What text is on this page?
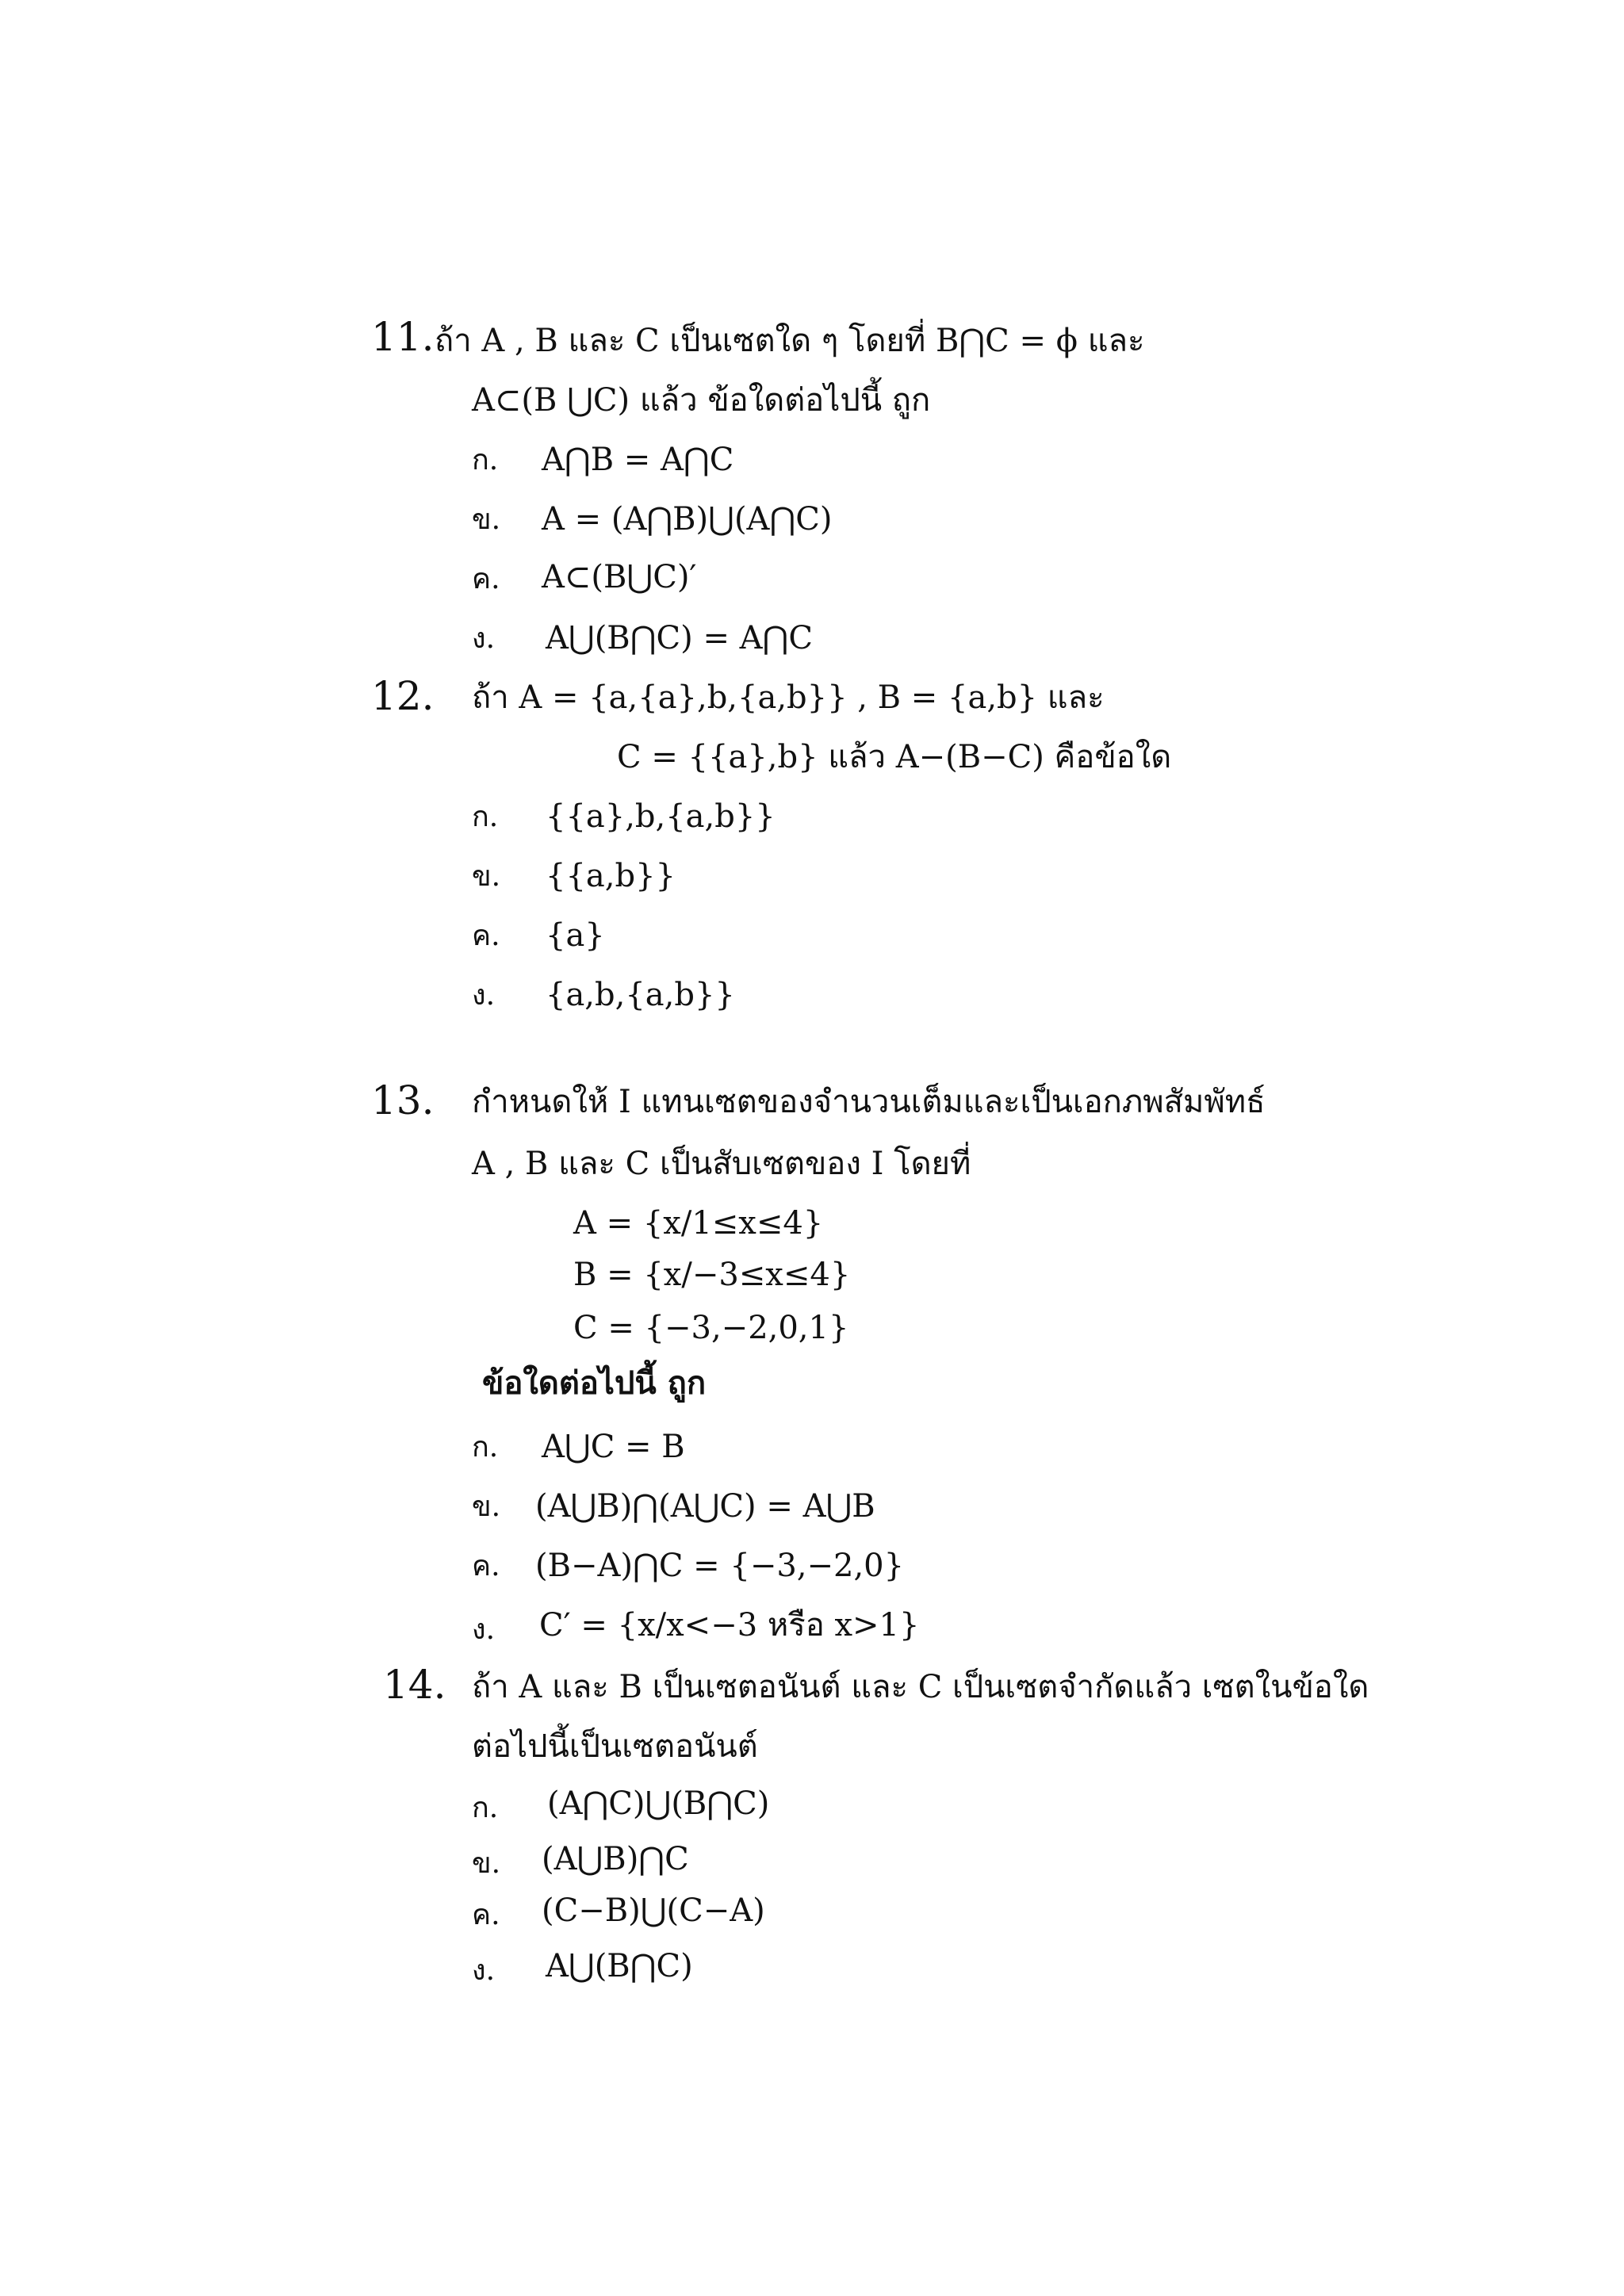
11. ถ้า A , B และ C เป็นเซตใด ๆ โดยที่ B⋂C = ϕ และ
A⊂(B ⋃C) แล้ว ข้อใดต่อไปนี้ ถูก
ก. A⋂B = A⋂C
ข. A = (A⋂B)⋃(A⋂C)
ค. A⊂(B⋃C)′
ง. A⋃(B⋂C) = A⋂C
12. ถ้า A = {a,{a},b,{a,b}} , B = {a,b} และ
C = {{a},b} แล้ว A−(B−C) คือข้อใด
ก. {{a},b,{a,b}}
ข. {{a,b}}
ค. {a}
ง. {a,b,{a,b}}
13. กำหนดให้ I แทนเซตของจำนวนเต็มและเป็นเอกภพสัมพัทธ์
A , B และ C เป็นสับเซตของ I โดยที่
A = {x/1≤x≤4}
B = {x/−3≤x≤4}
C = {−3,−2,0,1}
ข้อใดต่อไปนี้ ถูก
ก. A⋃C = B
ข. (A⋃B)⋂(A⋃C) = A⋃B
ค. (B−A)⋂C = {−3,−2,0}
ง. C′ = {x/x<−3 หรือ x>1}
14. ถ้า A และ B เป็นเซตอนันต์ และ C เป็นเซตจำกัดแล้ว เซตในข้อใด
ต่อไปนี้เป็นเซตอนันต์
ก. (A⋂C)⋃(B⋂C)
ข. (A⋃B)⋂C
ค. (C−B)⋃(C−A)
ง. A⋃(B⋂C)
